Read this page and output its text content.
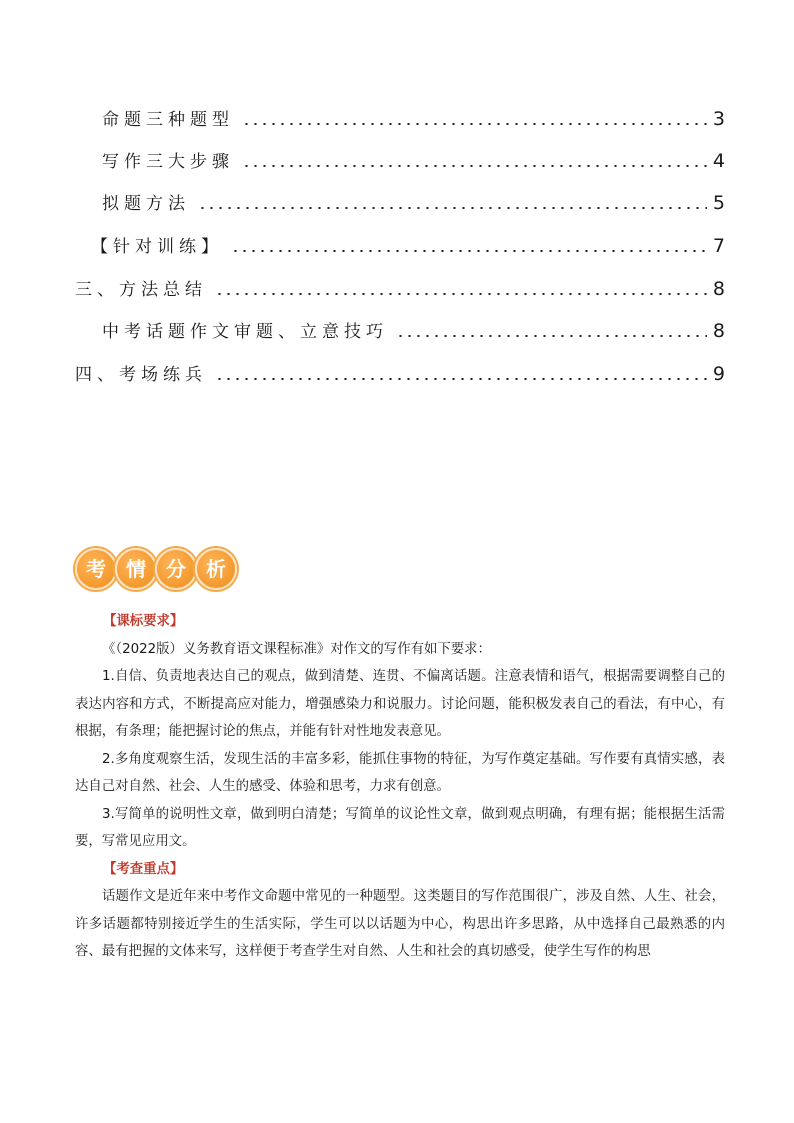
命题三种题型	3
写作三大步骤	4
拟题方法	5
【针对训练】	7
三、方法总结	8
中考话题作文审题、立意技巧	8
四、考场练兵	9
考	情	分	析

【课标要求】

《（2022版）义务教育语文课程标准》对作文的写作有如下要求：

1.自信、负责地表达自己的观点，做到清楚、连贯、不偏离话题。注意表情和语气，根据需要调整自己的表达内容和方式，不断提高应对能力，增强感染力和说服力。讨论问题，能积极发表自己的看法，有中心，有根据，有条理；能把握讨论的焦点，并能有针对性地发表意见。

2.多角度观察生活，发现生活的丰富多彩，能抓住事物的特征，为写作奠定基础。写作要有真情实感，表达自己对自然、社会、人生的感受、体验和思考，力求有创意。

3.写简单的说明性文章，做到明白清楚；写简单的议论性文章，做到观点明确，有理有据；能根据生活需要，写常见应用文。

【考查重点】

话题作文是近年来中考作文命题中常见的一种题型。这类题目的写作范围很广，涉及自然、人生、社会，许多话题都特别接近学生的生活实际，学生可以以话题为中心，构思出许多思路，从中选择自己最熟悉的内容、最有把握的文体来写，这样便于考查学生对自然、人生和社会的真切感受，使学生写作的构思
